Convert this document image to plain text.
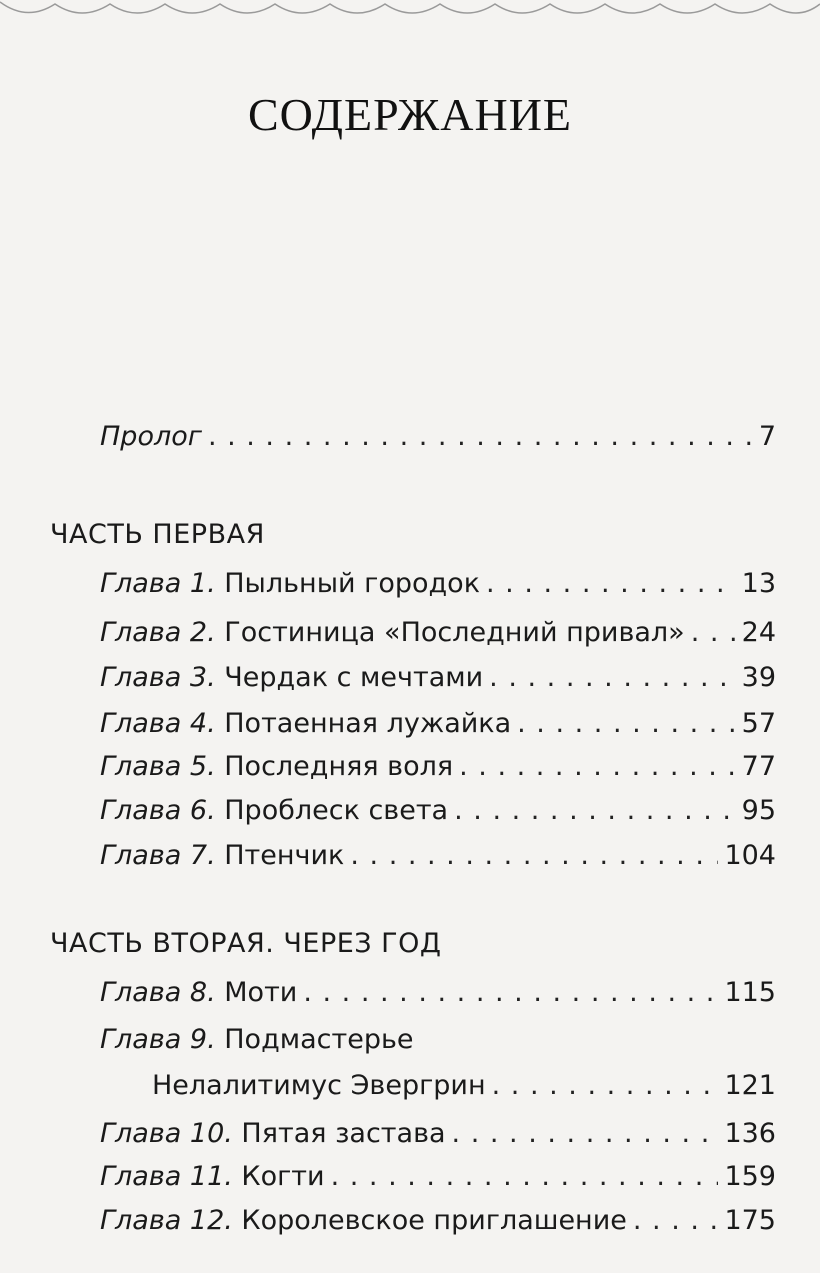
СОДЕРЖАНИЕ
Пролог . . .	7
ЧАСТЬ ПЕРВАЯ
Глава 1. Пыльный городок . . .	13
Глава 2. Гостиница «Последний привал» . . . 24
Глава 3. Чердак с мечтами . . .	39
Глава 4. Потаенная лужайка . . .	57
Глава 5. Последняя воля . . .	77
Глава 6. Проблеск света . . .	95
Глава 7. Птенчик . . .	104
ЧАСТЬ ВТОРАЯ. ЧЕРЕЗ ГОД
Глава 8. Моти . . .	115
Глава 9. Подмастерье
Нелалитимус Эвергрин . . .	121
Глава 10. Пятая застава . . .	136
Глава 11. Когти . . .	159
Глава 12. Королевское приглашение . . .	175
